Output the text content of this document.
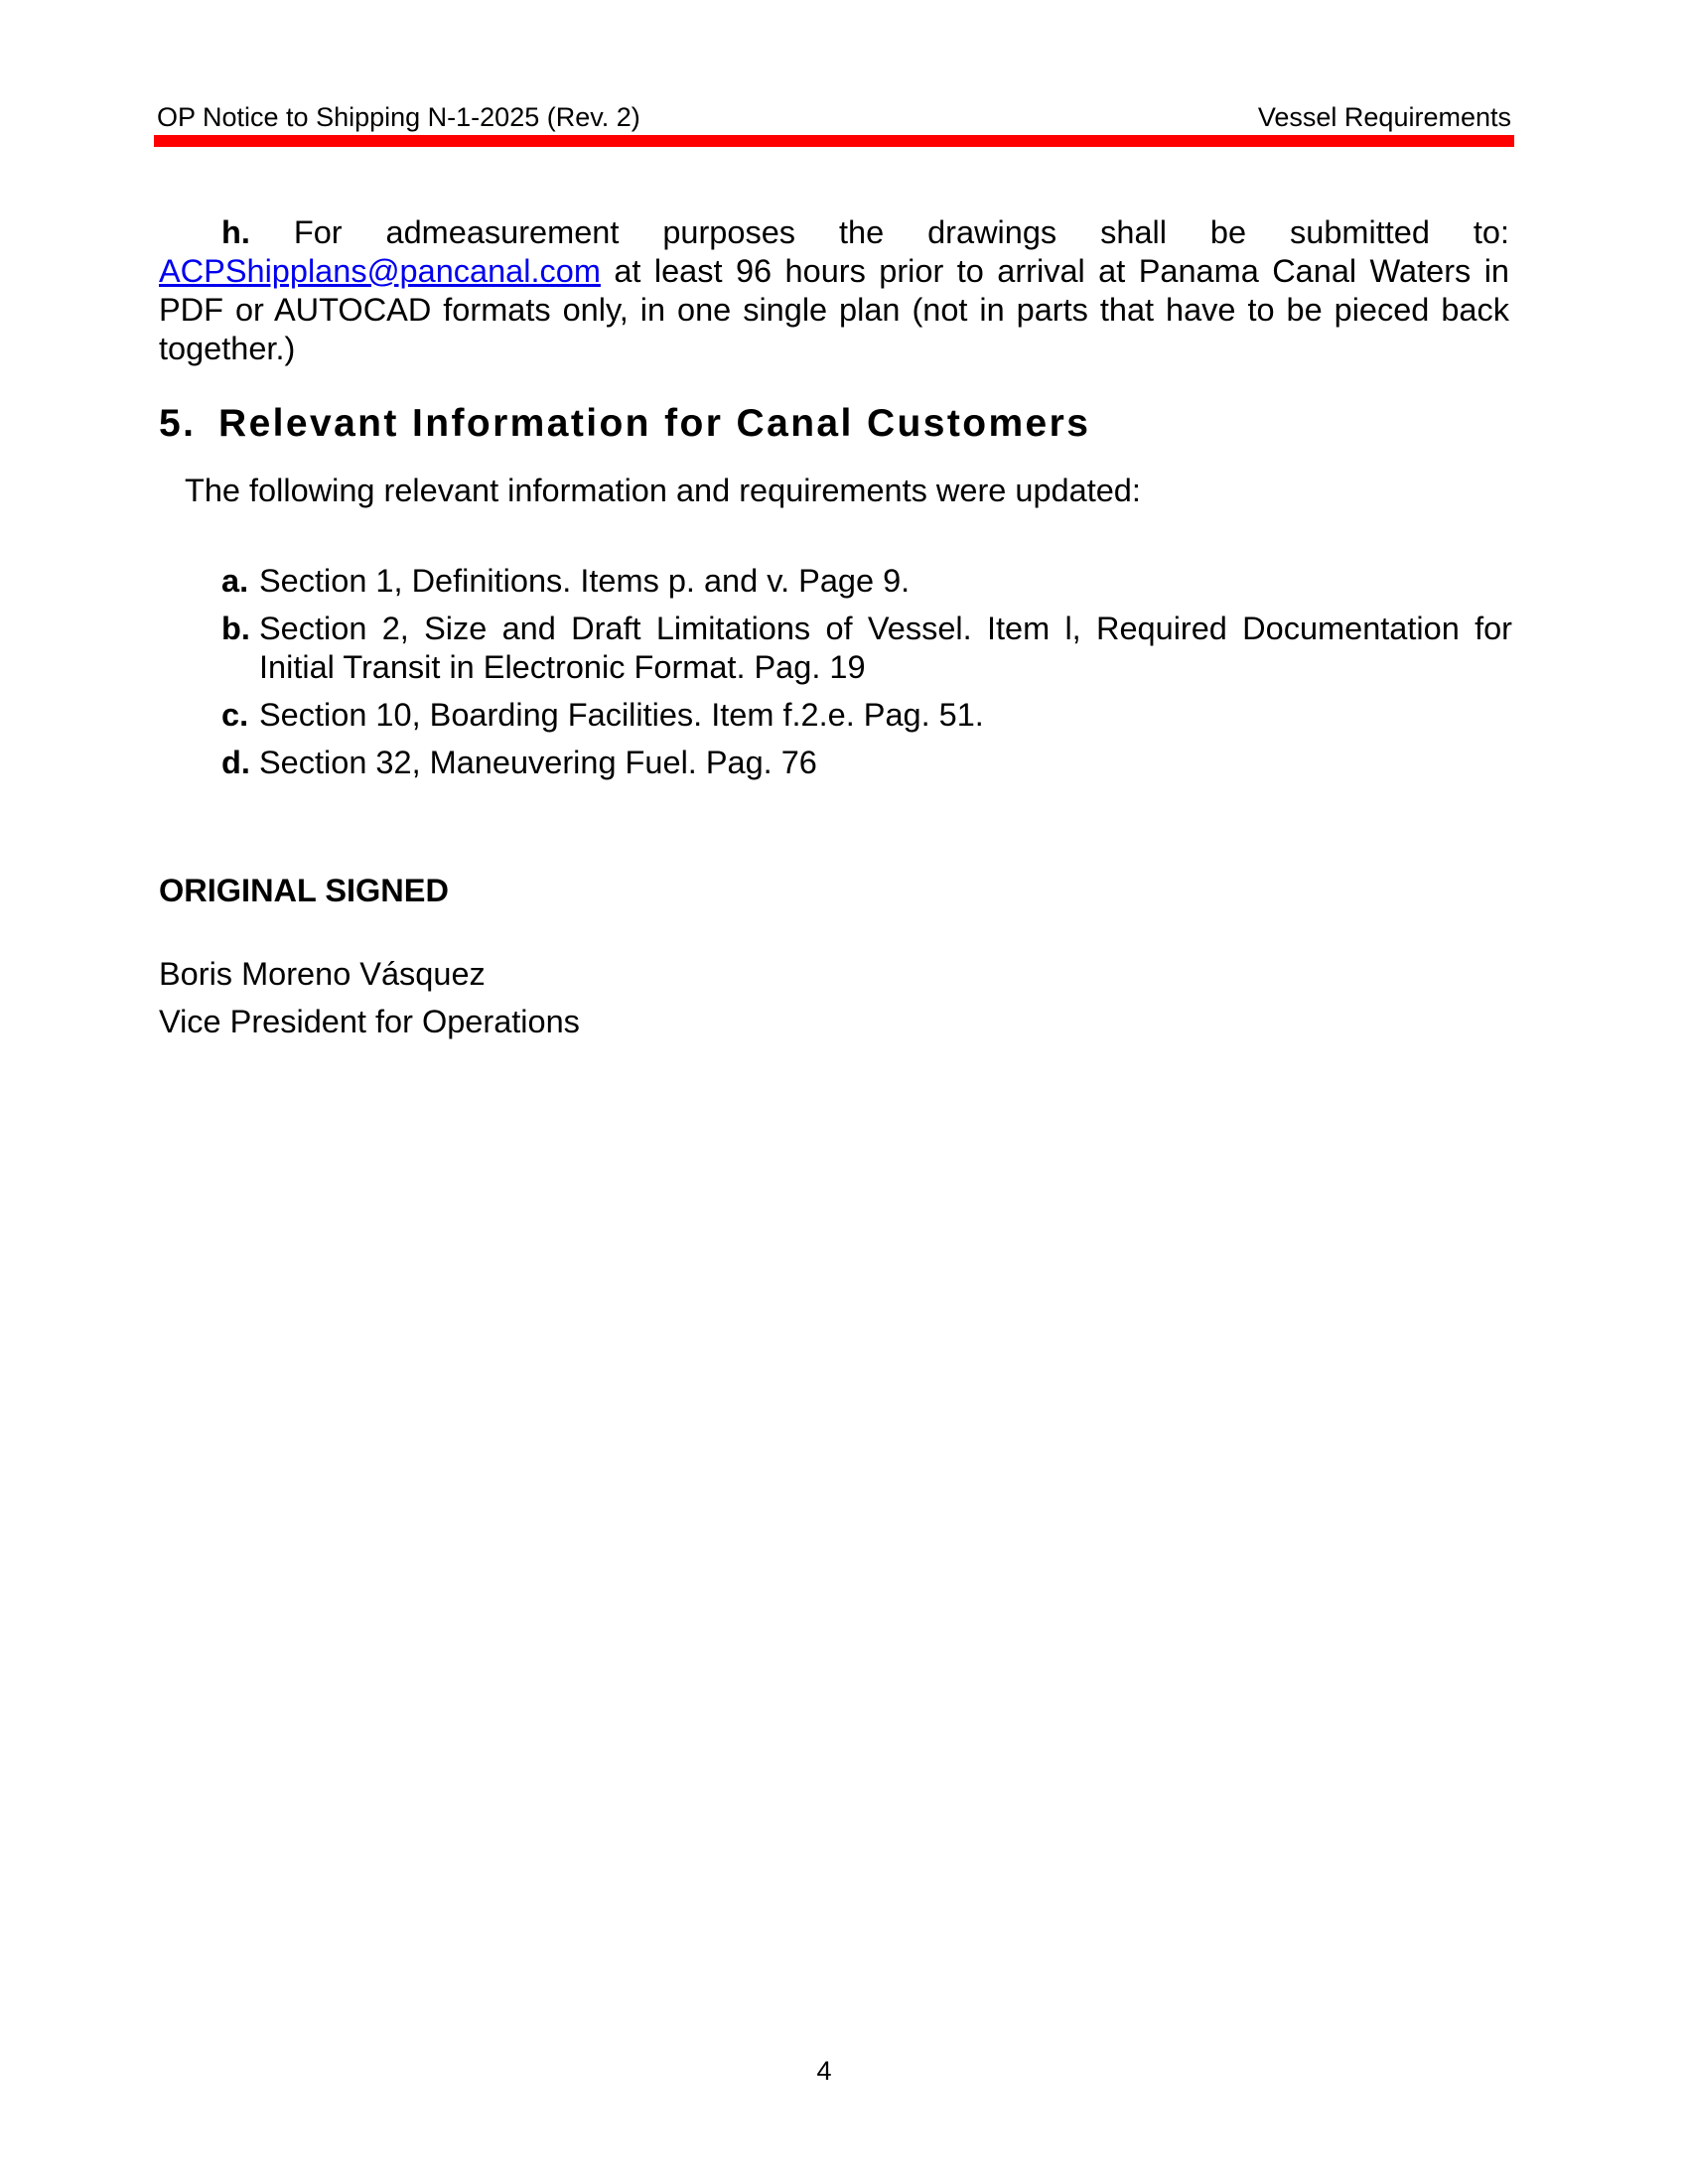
OP Notice to Shipping N-1-2025 (Rev. 2)	Vessel Requirements

h. For admeasurement purposes the drawings shall be submitted to: ACPShipplans@pancanal.com at least 96 hours prior to arrival at Panama Canal Waters in PDF or AUTOCAD formats only, in one single plan (not in parts that have to be pieced back together.)

5. Relevant Information for Canal Customers

The following relevant information and requirements were updated:

a. Section 1, Definitions. Items p. and v. Page 9.
b. Section 2, Size and Draft Limitations of Vessel. Item l, Required Documentation for Initial Transit in Electronic Format. Pag. 19
c. Section 10, Boarding Facilities. Item f.2.e. Pag. 51.
d. Section 32, Maneuvering Fuel. Pag. 76
ORIGINAL SIGNED
Boris Moreno Vásquez
Vice President for Operations
4
